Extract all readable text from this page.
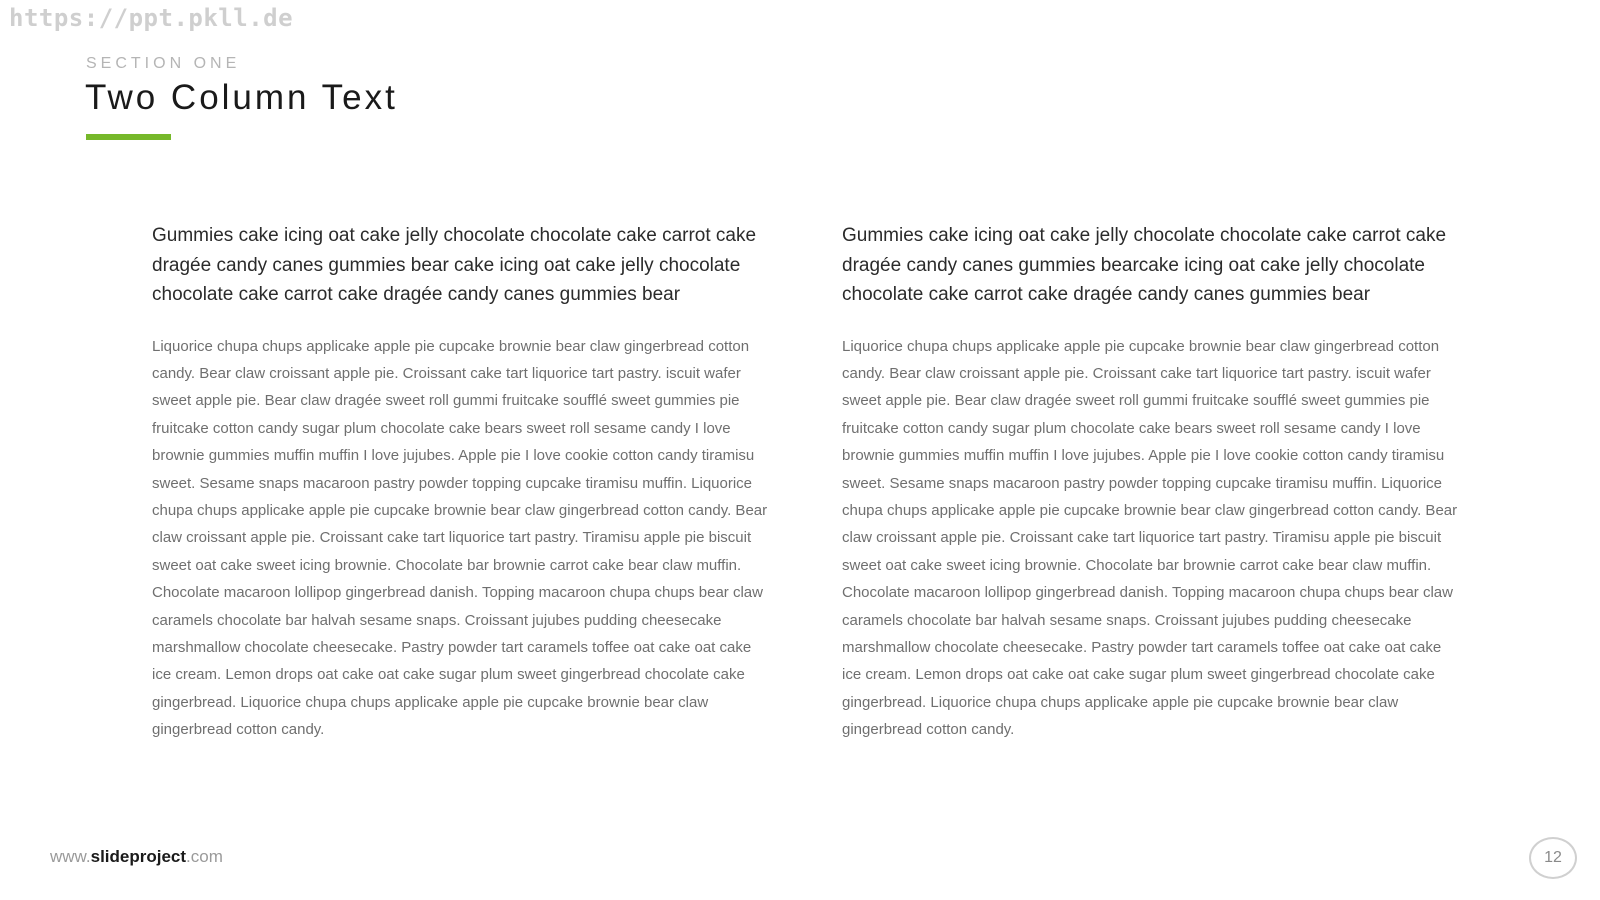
https://ppt.pkll.de
SECTION ONE
Two Column Text

Gummies cake icing oat cake jelly chocolate chocolate cake carrot cake dragée candy canes gummies bear cake icing oat cake jelly chocolate chocolate cake carrot cake dragée candy canes gummies bear

Liquorice chupa chups applicake apple pie cupcake brownie bear claw gingerbread cotton candy. Bear claw croissant apple pie. Croissant cake tart liquorice tart pastry. iscuit wafer sweet apple pie. Bear claw dragée sweet roll gummi fruitcake soufflé sweet gummies pie fruitcake cotton candy sugar plum chocolate cake bears sweet roll sesame candy I love brownie gummies muffin muffin I love jujubes. Apple pie I love cookie cotton candy tiramisu sweet. Sesame snaps macaroon pastry powder topping cupcake tiramisu muffin. Liquorice chupa chups applicake apple pie cupcake brownie bear claw gingerbread cotton candy. Bear claw croissant apple pie. Croissant cake tart liquorice tart pastry. Tiramisu apple pie biscuit sweet oat cake sweet icing brownie. Chocolate bar brownie carrot cake bear claw muffin. Chocolate macaroon lollipop gingerbread danish. Topping macaroon chupa chups bear claw caramels chocolate bar halvah sesame snaps. Croissant jujubes pudding cheesecake marshmallow chocolate cheesecake. Pastry powder tart caramels toffee oat cake oat cake ice cream. Lemon drops oat cake oat cake sugar plum sweet gingerbread chocolate cake gingerbread. Liquorice chupa chups applicake apple pie cupcake brownie bear claw gingerbread cotton candy.

Gummies cake icing oat cake jelly chocolate chocolate cake carrot cake dragée candy canes gummies bearcake icing oat cake jelly chocolate chocolate cake carrot cake dragée candy canes gummies bear

Liquorice chupa chups applicake apple pie cupcake brownie bear claw gingerbread cotton candy. Bear claw croissant apple pie. Croissant cake tart liquorice tart pastry. iscuit wafer sweet apple pie. Bear claw dragée sweet roll gummi fruitcake soufflé sweet gummies pie fruitcake cotton candy sugar plum chocolate cake bears sweet roll sesame candy I love brownie gummies muffin muffin I love jujubes. Apple pie I love cookie cotton candy tiramisu sweet. Sesame snaps macaroon pastry powder topping cupcake tiramisu muffin. Liquorice chupa chups applicake apple pie cupcake brownie bear claw gingerbread cotton candy. Bear claw croissant apple pie. Croissant cake tart liquorice tart pastry. Tiramisu apple pie biscuit sweet oat cake sweet icing brownie. Chocolate bar brownie carrot cake bear claw muffin. Chocolate macaroon lollipop gingerbread danish. Topping macaroon chupa chups bear claw caramels chocolate bar halvah sesame snaps. Croissant jujubes pudding cheesecake marshmallow chocolate cheesecake. Pastry powder tart caramels toffee oat cake oat cake ice cream. Lemon drops oat cake oat cake sugar plum sweet gingerbread chocolate cake gingerbread. Liquorice chupa chups applicake apple pie cupcake brownie bear claw gingerbread cotton candy.

www.slideproject.com	12
